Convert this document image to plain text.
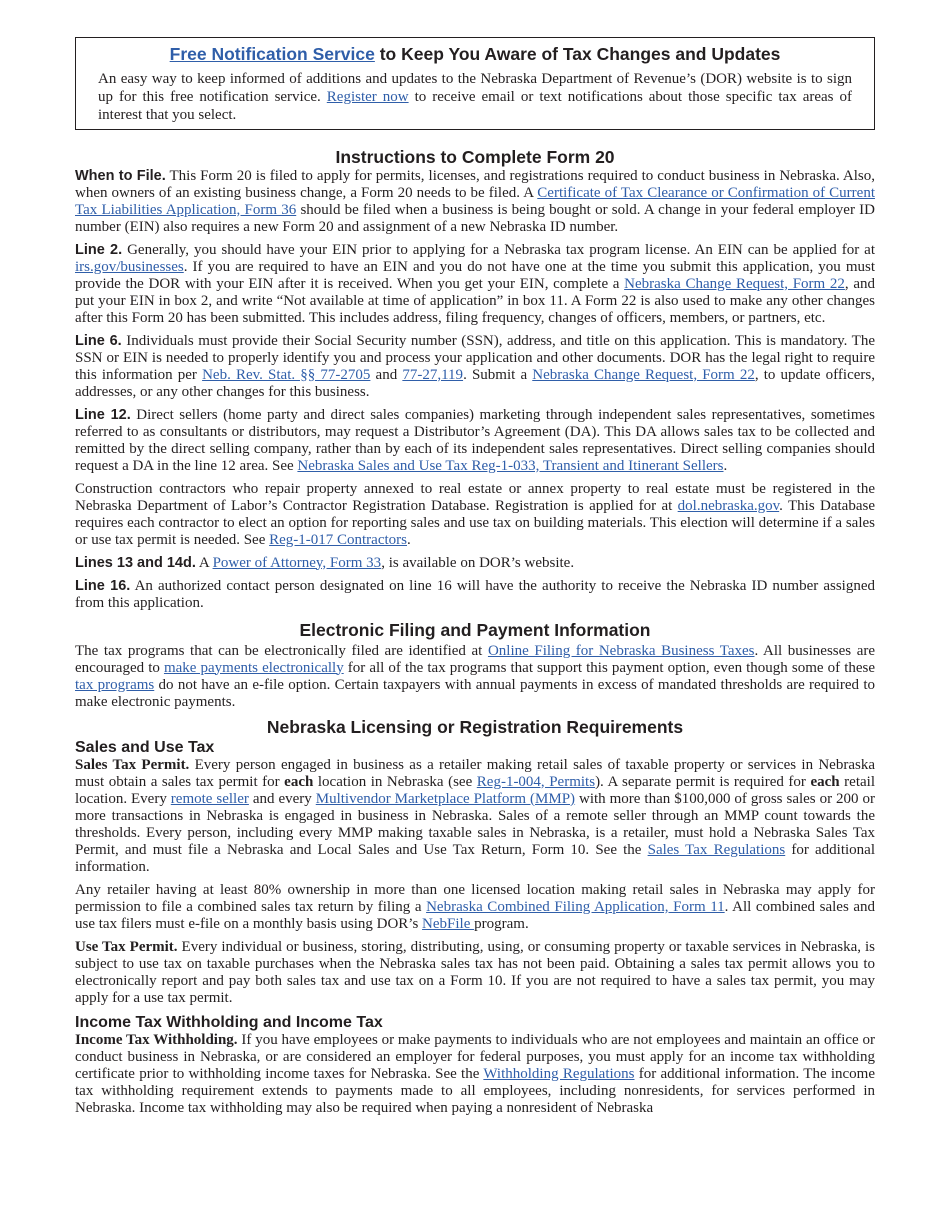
Free Notification Service to Keep You Aware of Tax Changes and Updates

An easy way to keep informed of additions and updates to the Nebraska Department of Revenue’s (DOR) website is to sign up for this free notification service. Register now to receive email or text notifications about those specific tax areas of interest that you select.

Instructions to Complete Form 20

When to File. This Form 20 is filed to apply for permits, licenses, and registrations required to conduct business in Nebraska. Also, when owners of an existing business change, a Form 20 needs to be filed. A Certificate of Tax Clearance or Confirmation of Current Tax Liabilities Application, Form 36 should be filed when a business is being bought or sold. A change in your federal employer ID number (EIN) also requires a new Form 20 and assignment of a new Nebraska ID number.

Line 2. Generally, you should have your EIN prior to applying for a Nebraska tax program license. An EIN can be applied for at irs.gov/businesses. If you are required to have an EIN and you do not have one at the time you submit this application, you must provide the DOR with your EIN after it is received. When you get your EIN, complete a Nebraska Change Request, Form 22, and put your EIN in box 2, and write “Not available at time of application” in box 11. A Form 22 is also used to make any other changes after this Form 20 has been submitted. This includes address, filing frequency, changes of officers, members, or partners, etc.

Line 6. Individuals must provide their Social Security number (SSN), address, and title on this application. This is mandatory. The SSN or EIN is needed to properly identify you and process your application and other documents. DOR has the legal right to require this information per Neb. Rev. Stat. §§ 77-2705 and 77-27,119. Submit a Nebraska Change Request, Form 22, to update officers, addresses, or any other changes for this business.

Line 12. Direct sellers (home party and direct sales companies) marketing through independent sales representatives, sometimes referred to as consultants or distributors, may request a Distributor’s Agreement (DA). This DA allows sales tax to be collected and remitted by the direct selling company, rather than by each of its independent sales representatives. Direct selling companies should request a DA in the line 12 area. See Nebraska Sales and Use Tax Reg-1-033, Transient and Itinerant Sellers.

Construction contractors who repair property annexed to real estate or annex property to real estate must be registered in the Nebraska Department of Labor’s Contractor Registration Database. Registration is applied for at dol.nebraska.gov. This Database requires each contractor to elect an option for reporting sales and use tax on building materials. This election will determine if a sales or use tax permit is needed. See Reg-1-017 Contractors.

Lines 13 and 14d. A Power of Attorney, Form 33, is available on DOR’s website.

Line 16. An authorized contact person designated on line 16 will have the authority to receive the Nebraska ID number assigned from this application.

Electronic Filing and Payment Information

The tax programs that can be electronically filed are identified at Online Filing for Nebraska Business Taxes. All businesses are encouraged to make payments electronically for all of the tax programs that support this payment option, even though some of these tax programs do not have an e-file option. Certain taxpayers with annual payments in excess of mandated thresholds are required to make electronic payments.

Nebraska Licensing or Registration Requirements
Sales and Use Tax

Sales Tax Permit. Every person engaged in business as a retailer making retail sales of taxable property or services in Nebraska must obtain a sales tax permit for each location in Nebraska (see Reg-1-004, Permits). A separate permit is required for each retail location. Every remote seller and every Multivendor Marketplace Platform (MMP) with more than $100,000 of gross sales or 200 or more transactions in Nebraska is engaged in business in Nebraska. Sales of a remote seller through an MMP count towards the thresholds. Every person, including every MMP making taxable sales in Nebraska, is a retailer, must hold a Nebraska Sales Tax Permit, and must file a Nebraska and Local Sales and Use Tax Return, Form 10. See the Sales Tax Regulations for additional information.

Any retailer having at least 80% ownership in more than one licensed location making retail sales in Nebraska may apply for permission to file a combined sales tax return by filing a Nebraska Combined Filing Application, Form 11. All combined sales and use tax filers must e-file on a monthly basis using DOR’s NebFile program.

Use Tax Permit. Every individual or business, storing, distributing, using, or consuming property or taxable services in Nebraska, is subject to use tax on taxable purchases when the Nebraska sales tax has not been paid. Obtaining a sales tax permit allows you to electronically report and pay both sales tax and use tax on a Form 10. If you are not required to have a sales tax permit, you may apply for a use tax permit.

Income Tax Withholding and Income Tax

Income Tax Withholding. If you have employees or make payments to individuals who are not employees and maintain an office or conduct business in Nebraska, or are considered an employer for federal purposes, you must apply for an income tax withholding certificate prior to withholding income taxes for Nebraska. See the Withholding Regulations for additional information. The income tax withholding requirement extends to payments made to all employees, including nonresidents, for services performed in Nebraska. Income tax withholding may also be required when paying a nonresident of Nebraska
